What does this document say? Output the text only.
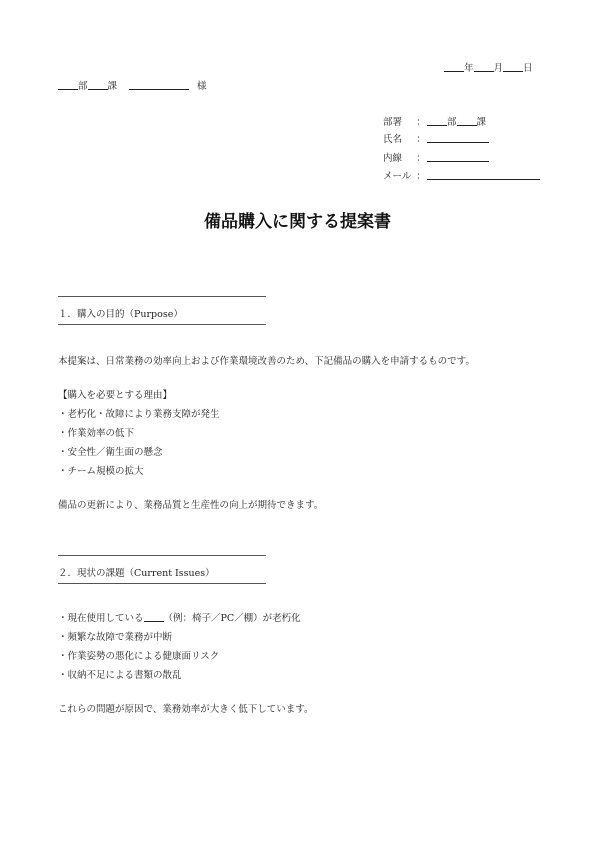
年 月 日
部 課	様
部署 ： 部 課
氏名 ：
内線 ：
メール ：
備品購入に関する提案書
１．購入の目的（Purpose）
本提案は、日常業務の効率向上および作業環境改善のため、下記備品の購入を申請するものです。
【購入を必要とする理由】
・老朽化・故障により業務支障が発生
・作業効率の低下
・安全性／衛生面の懸念
・チーム規模の拡大
備品の更新により、業務品質と生産性の向上が期待できます。
２．現状の課題（Current Issues）
・現在使用している （例：椅子／PC／棚）が老朽化
・頻繁な故障で業務が中断
・作業姿勢の悪化による健康面リスク
・収納不足による書類の散乱
これらの問題が原因で、業務効率が大きく低下しています。
